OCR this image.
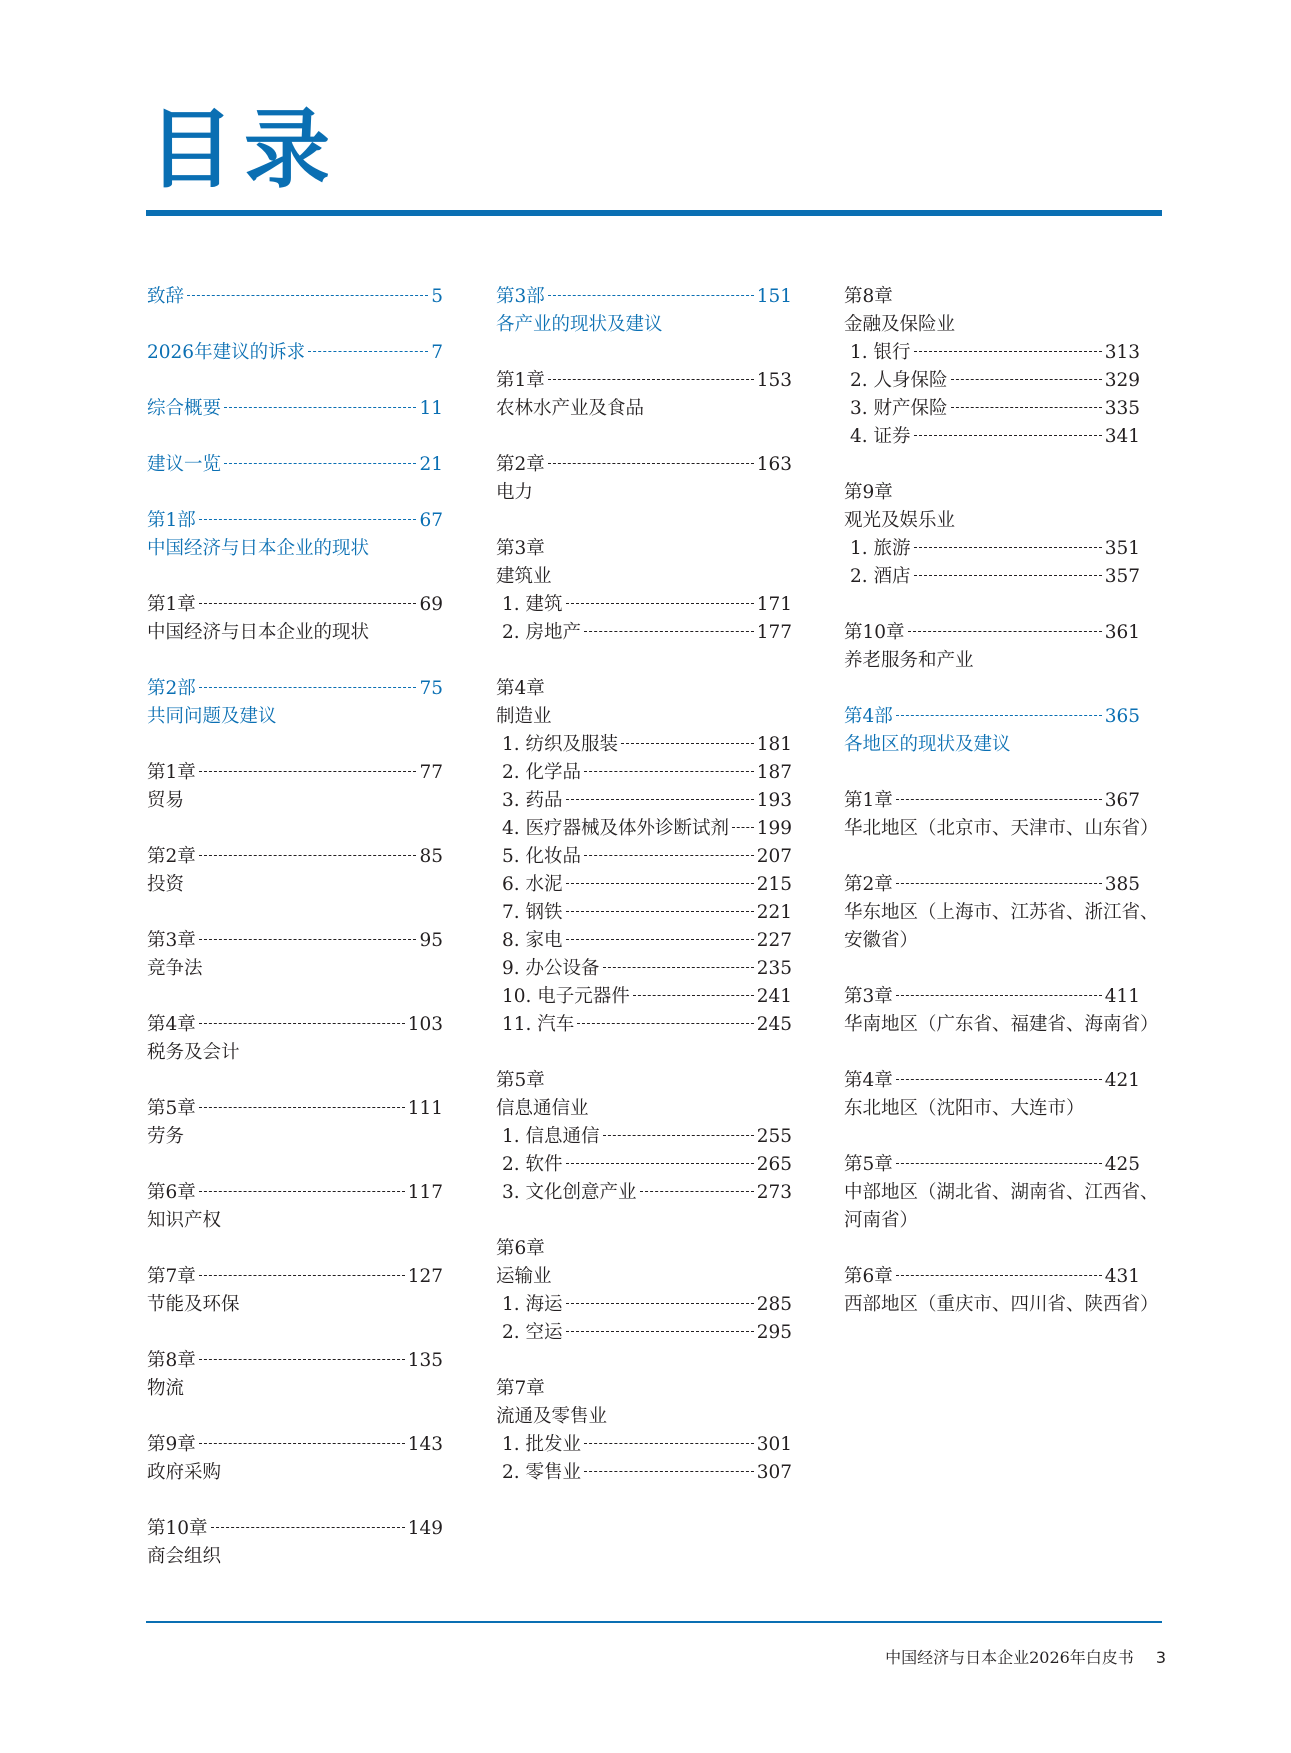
目录
致辞	5
2026年建议的诉求	7
综合概要	11
建议一览	21
第1部	67
中国经济与日本企业的现状
第1章	69
中国经济与日本企业的现状
第2部	75
共同问题及建议
第1章	77
贸易
第2章	85
投资
第3章	95
竞争法
第4章	103
税务及会计
第5章	111
劳务
第6章	117
知识产权
第7章	127
节能及环保
第8章	135
物流
第9章	143
政府采购
第10章	149
商会组织
第3部	151
各产业的现状及建议
第1章	153
农林水产业及食品
第2章	163
电力
第3章
建筑业
1. 建筑	171
2. 房地产	177
第4章
制造业
1. 纺织及服装	181
2. 化学品	187
3. 药品	193
4. 医疗器械及体外诊断试剂 199
5. 化妆品	207
6. 水泥	215
7. 钢铁	221
8. 家电	227
9. 办公设备	235
10. 电子元器件	241
11. 汽车	245
第5章
信息通信业
1. 信息通信	255
2. 软件	265
3. 文化创意产业	273
第6章
运输业
1. 海运	285
2. 空运	295
第7章
流通及零售业
1. 批发业	301
2. 零售业	307
第8章
金融及保险业
1. 银行	313
2. 人身保险	329
3. 财产保险	335
4. 证券	341
第9章
观光及娱乐业
1. 旅游	351
2. 酒店	357
第10章	361
养老服务和产业
第4部	365
各地区的现状及建议
第1章	367
华北地区（北京市、天津市、山东省）
第2章	385
华东地区（上海市、江苏省、浙江省、
安徽省）
第3章	411
华南地区（广东省、福建省、海南省）
第4章	421
东北地区（沈阳市、大连市）
第5章	425
中部地区（湖北省、湖南省、江西省、
河南省）
第6章	431
西部地区（重庆市、四川省、陕西省）
中国经济与日本企业2026年白皮书 3
